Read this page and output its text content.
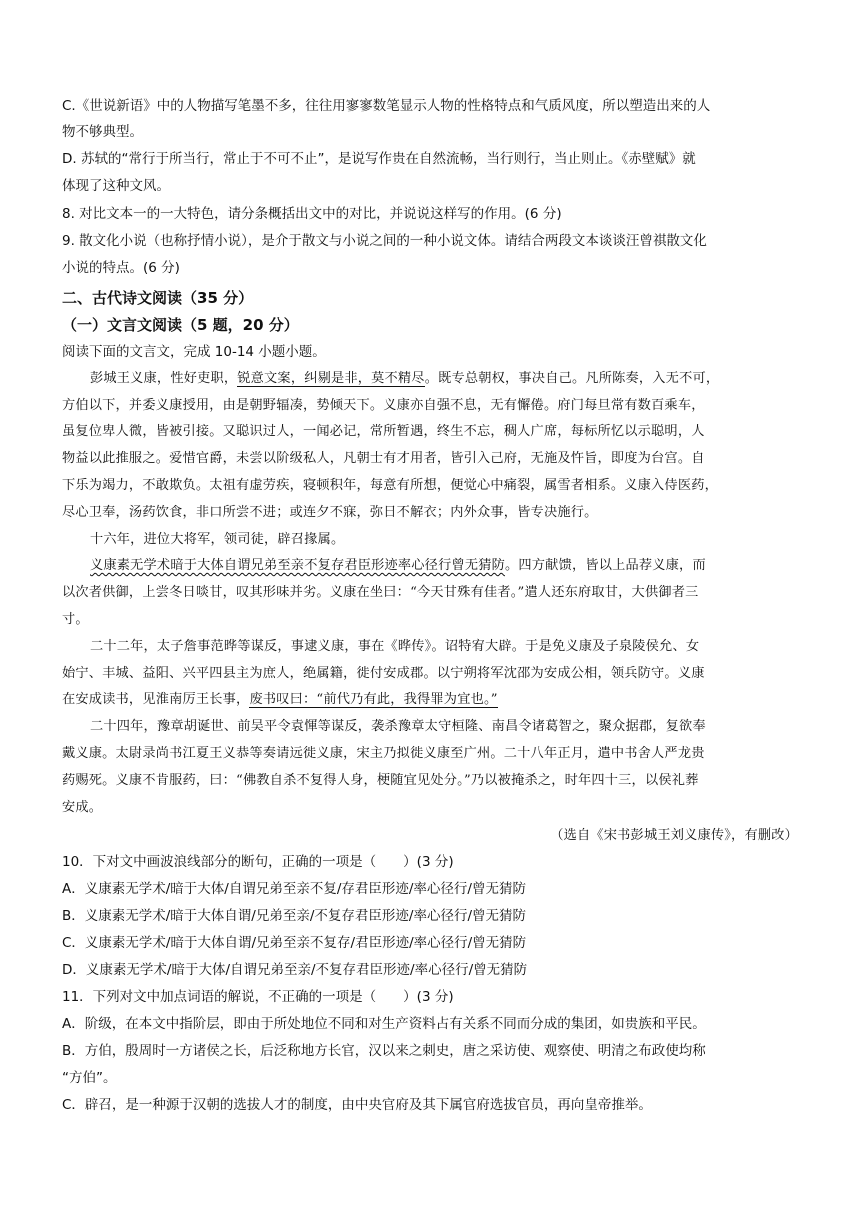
C.《世说新语》中的人物描写笔墨不多，往往用寥寥数笔显示人物的性格特点和气质风度，所以塑造出来的人
物不够典型。
D. 苏轼的“常行于所当行，常止于不可不止”，是说写作贵在自然流畅，当行则行，当止则止。《赤壁赋》就
体现了这种文风。
8. 对比文本一的一大特色，请分条概括出文中的对比，并说说这样写的作用。(6 分)
9. 散文化小说（也称抒情小说），是介于散文与小说之间的一种小说文体。请结合两段文本谈谈汪曾祺散文化
小说的特点。(6 分)
二、古代诗文阅读（35 分）
（一）文言文阅读（5 题，20 分）
阅读下面的文言文，完成 10-14 小题小题。
彭城王义康，性好吏职，锐意文案，纠剔是非，莫不精尽。既专总朝权，事决自己。凡所陈奏，入无不可，
方伯以下，并委义康授用，由是朝野辐凑，势倾天下。义康亦自强不息，无有懈倦。府门每旦常有数百乘车，
虽复位卑人微，皆被引接。又聪识过人，一闻必记，常所暂遇，终生不忘，稠人广席，每标所忆以示聪明，人
物益以此推服之。爱惜官爵，未尝以阶级私人，凡朝士有才用者，皆引入己府，无施及忤旨，即度为台宫。自
下乐为竭力，不敢欺负。太祖有虚劳疾，寝顿积年，每意有所想，便觉心中痛裂，属雪者相系。义康入侍医药，
尽心卫奉，汤药饮食，非口所尝不进；或连夕不寐，弥日不解衣；内外众事，皆专决施行。
十六年，进位大将军，领司徒，辟召掾属。
义康素无学术暗于大体自谓兄弟至亲不复存君臣形迹率心径行曾无猜防。四方献馈，皆以上品荐义康，而
以次者供御，上尝冬日啖甘，叹其形味并劣。义康在坐曰：“今天甘殊有佳者。”遣人还东府取甘，大供御者三
寸。
二十二年，太子詹事范晔等谋反，事逮义康，事在《晔传》。诏特宥大辟。于是免义康及子泉陵侯允、女
始宁、丰城、益阳、兴平四县主为庶人，绝属籍，徙付安成郡。以宁朔将军沈邵为安成公相，领兵防守。义康
在安成读书，见淮南厉王长事，废书叹曰：“前代乃有此，我得罪为宜也。”
二十四年，豫章胡诞世、前吴平令袁惲等谋反，袭杀豫章太守桓隆、南昌令诸葛智之，聚众据郡，复欲奉
戴义康。太尉录尚书江夏王义恭等奏请远徙义康，宋主乃拟徙义康至广州。二十八年正月，遣中书舍人严龙贵
药赐死。义康不肯服药，曰：“佛教自杀不复得人身，梗随宜见处分。”乃以被掩杀之，时年四十三，以侯礼葬
安成。
（选自《宋书彭城王刘义康传》，有删改）
10．下对文中画波浪线部分的断句，正确的一项是（　　）(3 分)
A．义康素无学术/暗于大体/自谓兄弟至亲不复/存君臣形迹/率心径行/曾无猜防
B．义康素无学术/暗于大体自谓/兄弟至亲/不复存君臣形迹/率心径行/曾无猜防
C．义康素无学术/暗于大体自谓/兄弟至亲不复存/君臣形迹/率心径行/曾无猜防
D．义康素无学术/暗于大体/自谓兄弟至亲/不复存君臣形迹/率心径行/曾无猜防
11．下列对文中加点词语的解说，不正确的一项是（　　）(3 分)
A．阶级，在本文中指阶层，即由于所处地位不同和对生产资料占有关系不同而分成的集团，如贵族和平民。
B．方伯，殷周时一方诸侯之长，后泛称地方长官，汉以来之刺史，唐之采访使、观察使、明清之布政使均称
“方伯”。
C．辟召，是一种源于汉朝的选拔人才的制度，由中央官府及其下属官府选拔官员，再向皇帝推举。
